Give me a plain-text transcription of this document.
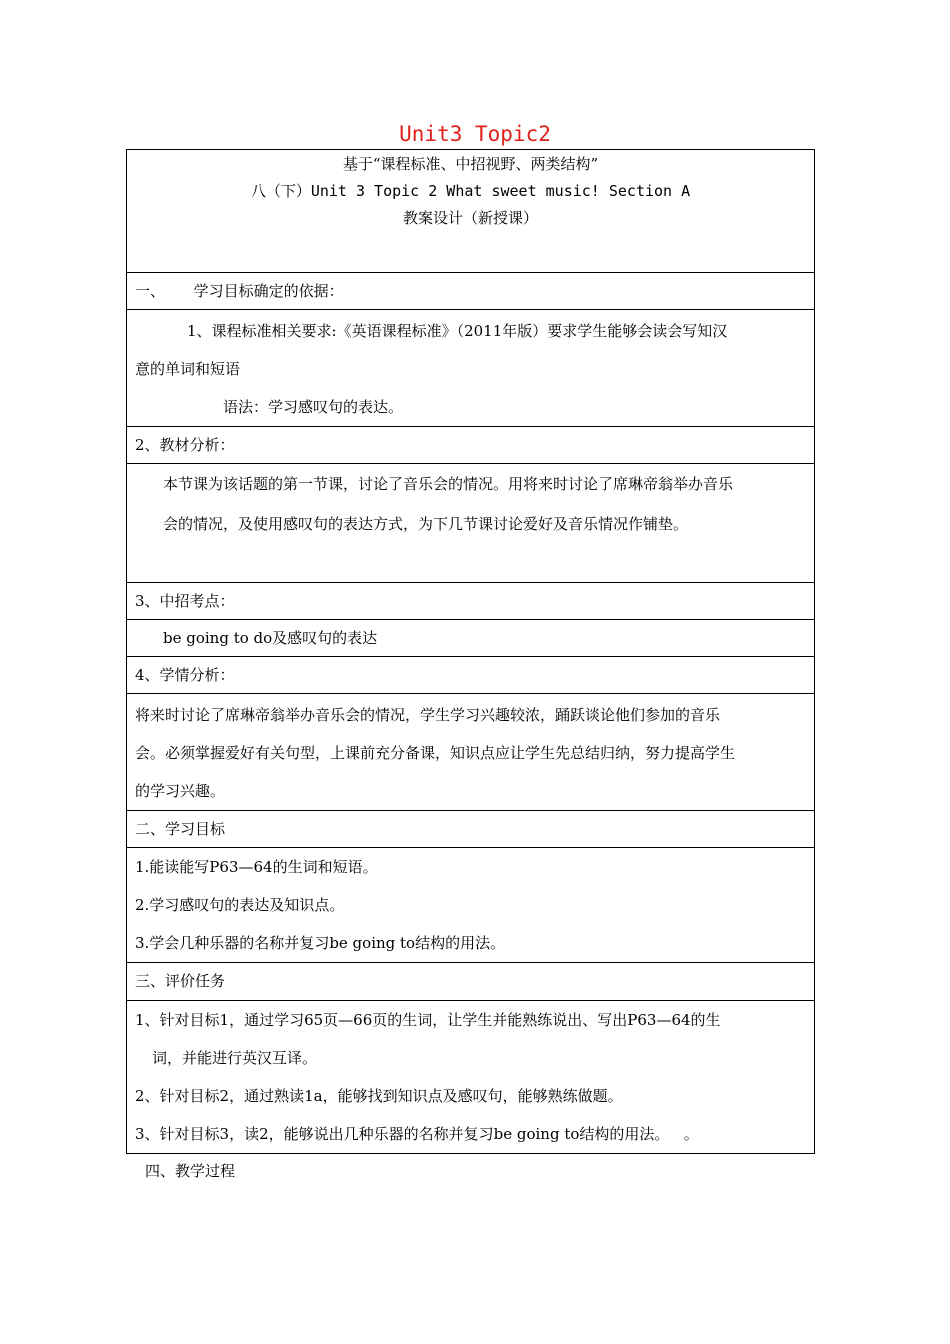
Unit3 Topic2
基于“课程标准、中招视野、两类结构”
八（下）Unit 3 Topic 2 What sweet music! Section A
教案设计（新授课）

一、      学习目标确定的依据：

1、课程标准相关要求:《英语课程标准》（2011年版）要求学生能够会读会写知汉
意的单词和短语
语法：学习感叹句的表达。

2、教材分析：

本节课为该话题的第一节课，讨论了音乐会的情况。用将来时讨论了席琳帝翁举办音乐
会的情况，及使用感叹句的表达方式，为下几节课讨论爱好及音乐情况作铺垫。

3、中招考点：
be going to do及感叹句的表达
4、学情分析：

将来时讨论了席琳帝翁举办音乐会的情况，学生学习兴趣较浓，踊跃谈论他们参加的音乐
会。必须掌握爱好有关句型，上课前充分备课，知识点应让学生先总结归纳，努力提高学生
的学习兴趣。

二、学习目标

1.能读能写P63—64的生词和短语。
2.学习感叹句的表达及知识点。
3.学会几种乐器的名称并复习be going to结构的用法。

三、评价任务

1、针对目标1，通过学习65页—66页的生词，让学生并能熟练说出、写出P63—64的生
词，并能进行英汉互译。
2、针对目标2，通过熟读1a，能够找到知识点及感叹句，能够熟练做题。
3、针对目标3，读2，能够说出几种乐器的名称并复习be going to结构的用法。   。
四、教学过程
